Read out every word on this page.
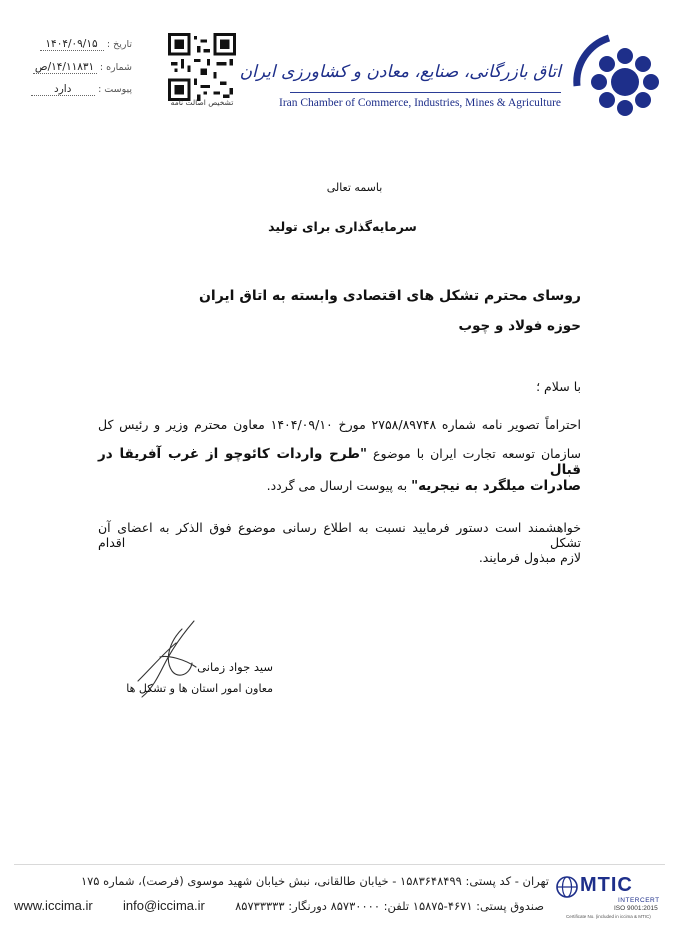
اتاق بازرگانی، صنایع، معادن و کشاورزی ایران
Iran Chamber of Commerce, Industries, Mines & Agriculture
تشخیص اصالت نامه
تاریخ : ۱۴۰۴/۰۹/۱۵
شماره : ۱۴/۱۱۸۳۱/ص
پیوست : دارد
باسمه تعالی
سرمایه‌گذاری برای تولید
روسای محترم تشکل های اقتصادی وابسته به اتاق ایران
حوزه فولاد و چوب
با سلام ؛
احتراماً تصویر نامه شماره ۲۷۵۸/۸۹۷۴۸ مورخ ۱۴۰۴/۰۹/۱۰ معاون محترم وزیر و رئیس کل
سازمان توسعه تجارت ایران با موضوع "طرح واردات کائوچو از غرب آفریقا در قبال
صادرات میلگرد به نیجریه" به پیوست ارسال می گردد.
خواهشمند است دستور فرمایید نسبت به اطلاع رسانی موضوع فوق الذکر به اعضای آن تشکل اقدام
لازم مبذول فرمایند.
سید جواد زمانی
معاون امور استان ها و تشکل ها
تهران - کد پستی: ۱۵۸۳۶۴۸۴۹۹ - خیابان طالقانی، نبش خیابان شهید موسوی (فرصت)، شماره ۱۷۵
www.iccima.ir info@iccima.ir	صندوق پستی: ۴۶۷۱-۱۵۸۷۵ تلفن: ۸۵۷۳۰۰۰۰ دورنگار: ۸۵۷۳۳۳۳۳
MTIC
INTERCERT
ISO 9001:2015
Certificate No. (included in iccima & MTIC)
